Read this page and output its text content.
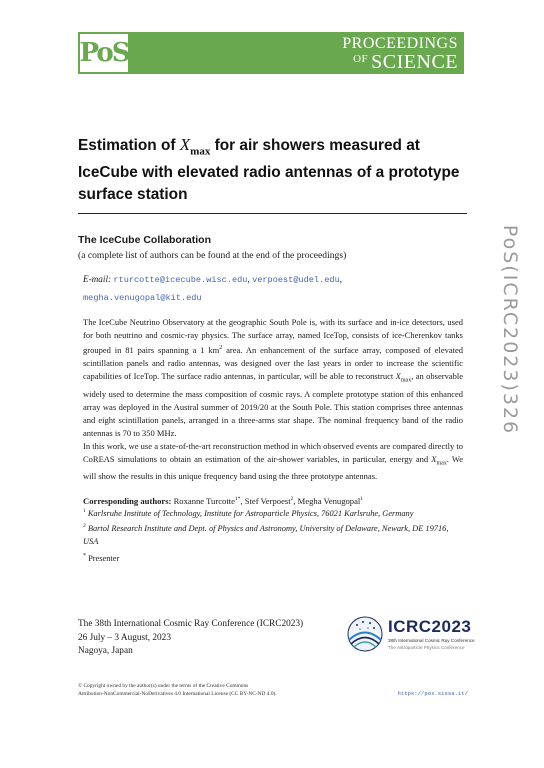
PoS	PROCEEDINGS
$^{OF}$ SCIENCE
PoS(ICRC2023)326
Estimation of $X_{max}$ for air showers measured at IceCube with elevated radio antennas of a prototype surface station
The IceCube Collaboration
(a complete list of authors can be found at the end of the proceedings)
E-mail: rturcotte@icecube.wisc.edu, verpoest@udel.edu,
megha.venugopal@kit.edu

The IceCube Neutrino Observatory at the geographic South Pole is, with its surface and in-ice detectors, used for both neutrino and cosmic-ray physics. The surface array, named IceTop, consists of ice-Cherenkov tanks grouped in 81 pairs spanning a 1 $km^2$ area. An enhancement of the surface array, composed of elevated scintillation panels and radio antennas, was designed over the last years in order to increase the scientific capabilities of IceTop. The surface radio antennas, in particular, will be able to reconstruct $X_{max}$, an observable widely used to determine the mass composition of cosmic rays. A complete prototype station of this enhanced array was deployed in the Austral summer of 2019/20 at the South Pole. This station comprises three antennas and eight scintillation panels, arranged in a three-arms star shape. The nominal frequency band of the radio antennas is 70 to 350 MHz.

In this work, we use a state-of-the-art reconstruction method in which observed events are compared directly to CoREAS simulations to obtain an estimation of the air-shower variables, in particular, energy and $X_{max}$. We will show the results in this unique frequency band using the three prototype antennas.

Corresponding authors: Roxanne Turcotte$^{1*}$, Stef Verpoest$^2$, Megha Venugopal$^1$
$^1$ Karlsruhe Institute of Technology, Institute for Astroparticle Physics, 76021 Karlsruhe, Germany
$^2$ Bartol Research Institute and Dept. of Physics and Astronomy, University of Delaware, Newark, DE 19716, USA
* Presenter
The 38th International Cosmic Ray Conference (ICRC2023)
26 July – 3 August, 2023
Nagoya, Japan
ICRC2023
38th International Cosmic Ray Conference
The Astroparticle Physics Conference
© Copyright owned by the author(s) under the terms of the Creative Commons
Attribution-NonCommercial-NoDerivatives 4.0 International License (CC BY-NC-ND 4.0).	https://pos.sissa.it/
